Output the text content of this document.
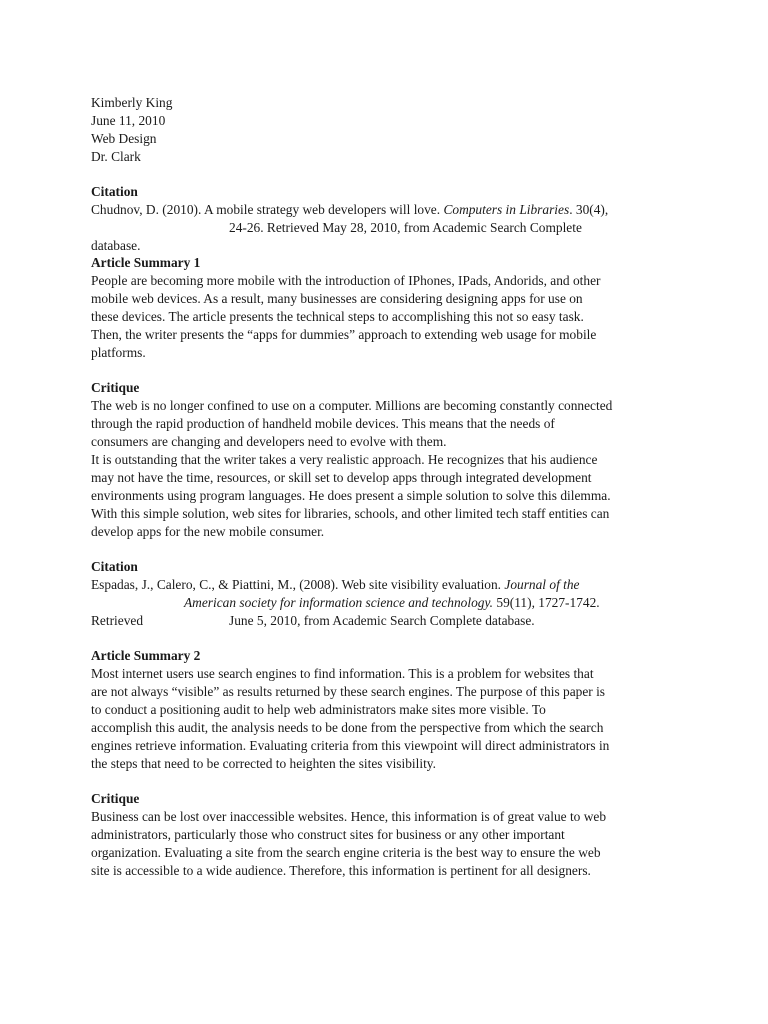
Kimberly King
June 11, 2010
Web Design
Dr. Clark
Citation
Chudnov, D. (2010). A mobile strategy web developers will love. Computers in Libraries. 30(4),
24-26. Retrieved May 28, 2010, from Academic Search Complete
database.
Article Summary 1
People are becoming more mobile with the introduction of IPhones, IPads, Andorids, and other
mobile web devices. As a result, many businesses are considering designing apps for use on
these devices. The article presents the technical steps to accomplishing this not so easy task.
Then, the writer presents the “apps for dummies” approach to extending web usage for mobile
platforms.
Critique
The web is no longer confined to use on a computer. Millions are becoming constantly connected
through the rapid production of handheld mobile devices. This means that the needs of
consumers are changing and developers need to evolve with them.
It is outstanding that the writer takes a very realistic approach. He recognizes that his audience
may not have the time, resources, or skill set to develop apps through integrated development
environments using program languages. He does present a simple solution to solve this dilemma.
With this simple solution, web sites for libraries, schools, and other limited tech staff entities can
develop apps for the new mobile consumer.
Citation
Espadas, J., Calero, C., & Piattini, M., (2008). Web site visibility evaluation. Journal of the
American society for information science and technology. 59(11), 1727-1742.
Retrieved	June 5, 2010, from Academic Search Complete database.
Article Summary 2
Most internet users use search engines to find information. This is a problem for websites that
are not always “visible” as results returned by these search engines. The purpose of this paper is
to conduct a positioning audit to help web administrators make sites more visible. To
accomplish this audit, the analysis needs to be done from the perspective from which the search
engines retrieve information. Evaluating criteria from this viewpoint will direct administrators in
the steps that need to be corrected to heighten the sites visibility.
Critique
Business can be lost over inaccessible websites. Hence, this information is of great value to web
administrators, particularly those who construct sites for business or any other important
organization. Evaluating a site from the search engine criteria is the best way to ensure the web
site is accessible to a wide audience. Therefore, this information is pertinent for all designers.
